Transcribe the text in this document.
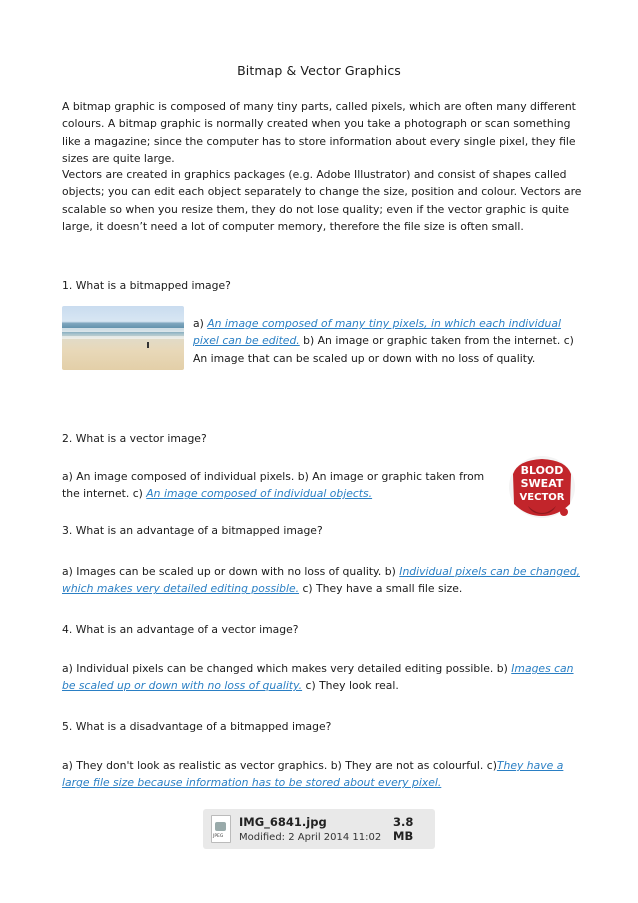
Bitmap & Vector Graphics

A bitmap graphic is composed of many tiny parts, called pixels, which are often many different colours. A bitmap graphic is normally created when you take a photograph or scan something like a magazine; since the computer has to store information about every single pixel, they file sizes are quite large.

Vectors are created in graphics packages (e.g. Adobe Illustrator) and consist of shapes called objects; you can edit each object separately to change the size, position and colour. Vectors are scalable so when you resize them, they do not lose quality; even if the vector graphic is quite large, it doesn’t need a lot of computer memory, therefore the file size is often small.

1. What is a bitmapped image?

a) An image composed of many tiny pixels, in which each individual pixel can be edited. b) An image or graphic taken from the internet. c) An image that can be scaled up or down with no loss of quality.

2. What is a vector image?

a) An image composed of individual pixels. b) An image or graphic taken from the internet. c) An image composed of individual objects.

BLOOD
SWEAT
VECTOR

3. What is an advantage of a bitmapped image?

a) Images can be scaled up or down with no loss of quality. b) Individual pixels can be changed, which makes very detailed editing possible. c) They have a small file size.

4. What is an advantage of a vector image?

a) Individual pixels can be changed which makes very detailed editing possible. b) Images can be scaled up or down with no loss of quality. c) They look real.

5. What is a disadvantage of a bitmapped image?

a) They don't look as realistic as vector graphics. b) They are not as colourful. c)They have a large file size because information has to be stored about every pixel.

JPEG
IMG_6841.jpg	3.8 MB
Modified: 2 April 2014 11:02
